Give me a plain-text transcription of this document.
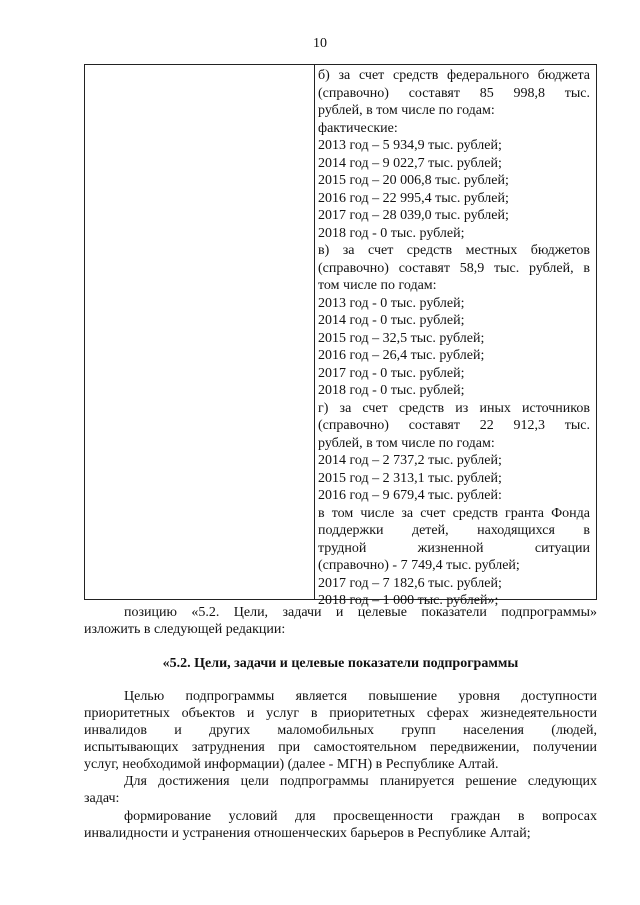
10
б) за счет средств федерального бюджета
(справочно) составят 85 998,8 тыс.
рублей, в том числе по годам:
фактические:
2013 год – 5 934,9 тыс. рублей;
2014 год – 9 022,7 тыс. рублей;
2015 год – 20 006,8 тыс. рублей;
2016 год – 22 995,4 тыс. рублей;
2017 год – 28 039,0 тыс. рублей;
2018 год - 0 тыс. рублей;
в) за счет средств местных бюджетов
(справочно) составят 58,9 тыс. рублей, в
том числе по годам:
2013 год - 0 тыс. рублей;
2014 год - 0 тыс. рублей;
2015 год – 32,5 тыс. рублей;
2016 год – 26,4 тыс. рублей;
2017 год - 0 тыс. рублей;
2018 год - 0 тыс. рублей;
г) за счет средств из иных источников
(справочно) составят 22 912,3 тыс.
рублей, в том числе по годам:
2014 год – 2 737,2 тыс. рублей;
2015 год – 2 313,1 тыс. рублей;
2016 год – 9 679,4 тыс. рублей:
в том числе за счет средств гранта Фонда
поддержки детей, находящихся в
трудной жизненной ситуации
(справочно) - 7 749,4 тыс. рублей;
2017 год – 7 182,6 тыс. рублей;
2018 год – 1 000 тыс. рублей»;
позицию «5.2. Цели, задачи и целевые показатели подпрограммы»
изложить в следующей редакции:
«5.2. Цели, задачи и целевые показатели подпрограммы
Целью подпрограммы является повышение уровня доступности
приоритетных объектов и услуг в приоритетных сферах жизнедеятельности
инвалидов и других маломобильных групп населения (людей,
испытывающих затруднения при самостоятельном передвижении, получении
услуг, необходимой информации) (далее - МГН) в Республике Алтай.
Для достижения цели подпрограммы планируется решение следующих
задач:
формирование условий для просвещенности граждан в вопросах
инвалидности и устранения отношенческих барьеров в Республике Алтай;
